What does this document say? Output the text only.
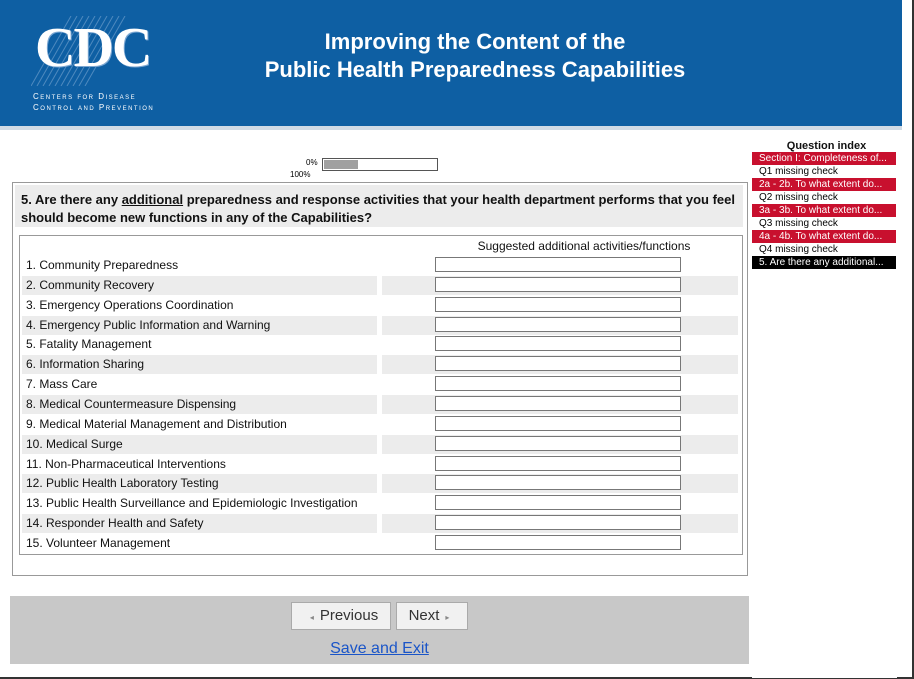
CDC
Centers for Disease
Control and Prevention
Improving the Content of the
Public Health Preparedness Capabilities
0%
100%
5. Are there any additional preparedness and response activities that your health department performs that you feel should become new functions in any of the Capabilities?
Suggested additional activities/functions
1. Community Preparedness
2. Community Recovery
3. Emergency Operations Coordination
4. Emergency Public Information and Warning
5. Fatality Management
6. Information Sharing
7. Mass Care
8. Medical Countermeasure Dispensing
9. Medical Material Management and Distribution
10. Medical Surge
11. Non-Pharmaceutical Interventions
12. Public Health Laboratory Testing
13. Public Health Surveillance and Epidemiologic Investigation
14. Responder Health and Safety
15. Volunteer Management
Question index
Section I: Completeness of...
Q1 missing check
2a - 2b. To what extent do...
Q2 missing check
3a - 3b. To what extent do...
Q3 missing check
4a - 4b. To what extent do...
Q4 missing check
5. Are there any additional...
◂ Previous	Next ▸
Save and Exit
